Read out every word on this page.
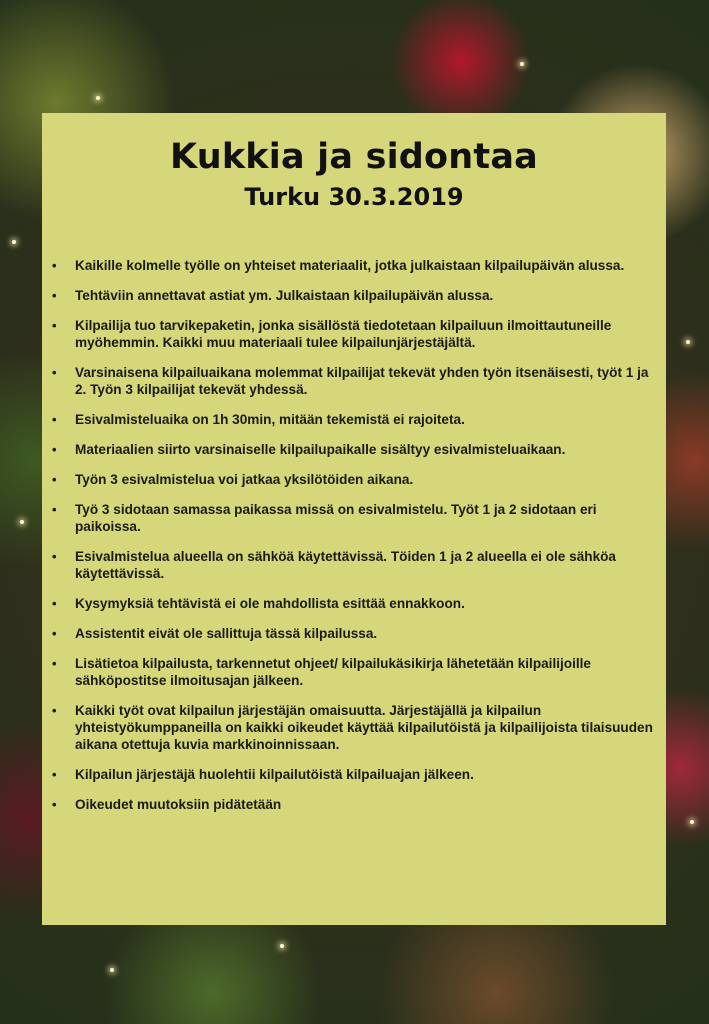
Kukkia ja sidontaa
Turku 30.3.2019
• Kaikille kolmelle työlle on yhteiset materiaalit, jotka julkaistaan kilpailupäivän alussa.
• Tehtäviin annettavat astiat ym. Julkaistaan kilpailupäivän alussa.
• Kilpailija tuo tarvikepaketin, jonka sisällöstä tiedotetaan kilpailuun ilmoittautuneille myöhemmin. Kaikki muu materiaali tulee kilpailunjärjestäjältä.
• Varsinaisena kilpailuaikana molemmat kilpailijat tekevät yhden työn itsenäisesti, työt 1 ja 2. Työn 3 kilpailijat tekevät yhdessä.
• Esivalmisteluaika on 1h 30min, mitään tekemistä ei rajoiteta.
• Materiaalien siirto varsinaiselle kilpailupaikalle sisältyy esivalmisteluaikaan.
• Työn 3 esivalmistelua voi jatkaa yksilötöiden aikana.
• Työ 3 sidotaan samassa paikassa missä on esivalmistelu. Työt 1 ja 2 sidotaan eri paikoissa.
• Esivalmistelua alueella on sähköä käytettävissä. Töiden 1 ja 2 alueella ei ole sähköa käytettävissä.
• Kysymyksiä tehtävistä ei ole mahdollista esittää ennakkoon.
• Assistentit eivät ole sallittuja tässä kilpailussa.
• Lisätietoa kilpailusta, tarkennetut ohjeet/ kilpailukäsikirja lähetetään kilpailijoille sähköpostitse ilmoitusajan jälkeen.
• Kaikki työt ovat kilpailun järjestäjän omaisuutta. Järjestäjällä ja kilpailun yhteistyökumppaneilla on kaikki oikeudet käyttää kilpailutöistä ja kilpailijoista tilaisuuden aikana otettuja kuvia markkinoinnissaan.
• Kilpailun järjestäjä huolehtii kilpailutöistä kilpailuajan jälkeen.
• Oikeudet muutoksiin pidätetään
